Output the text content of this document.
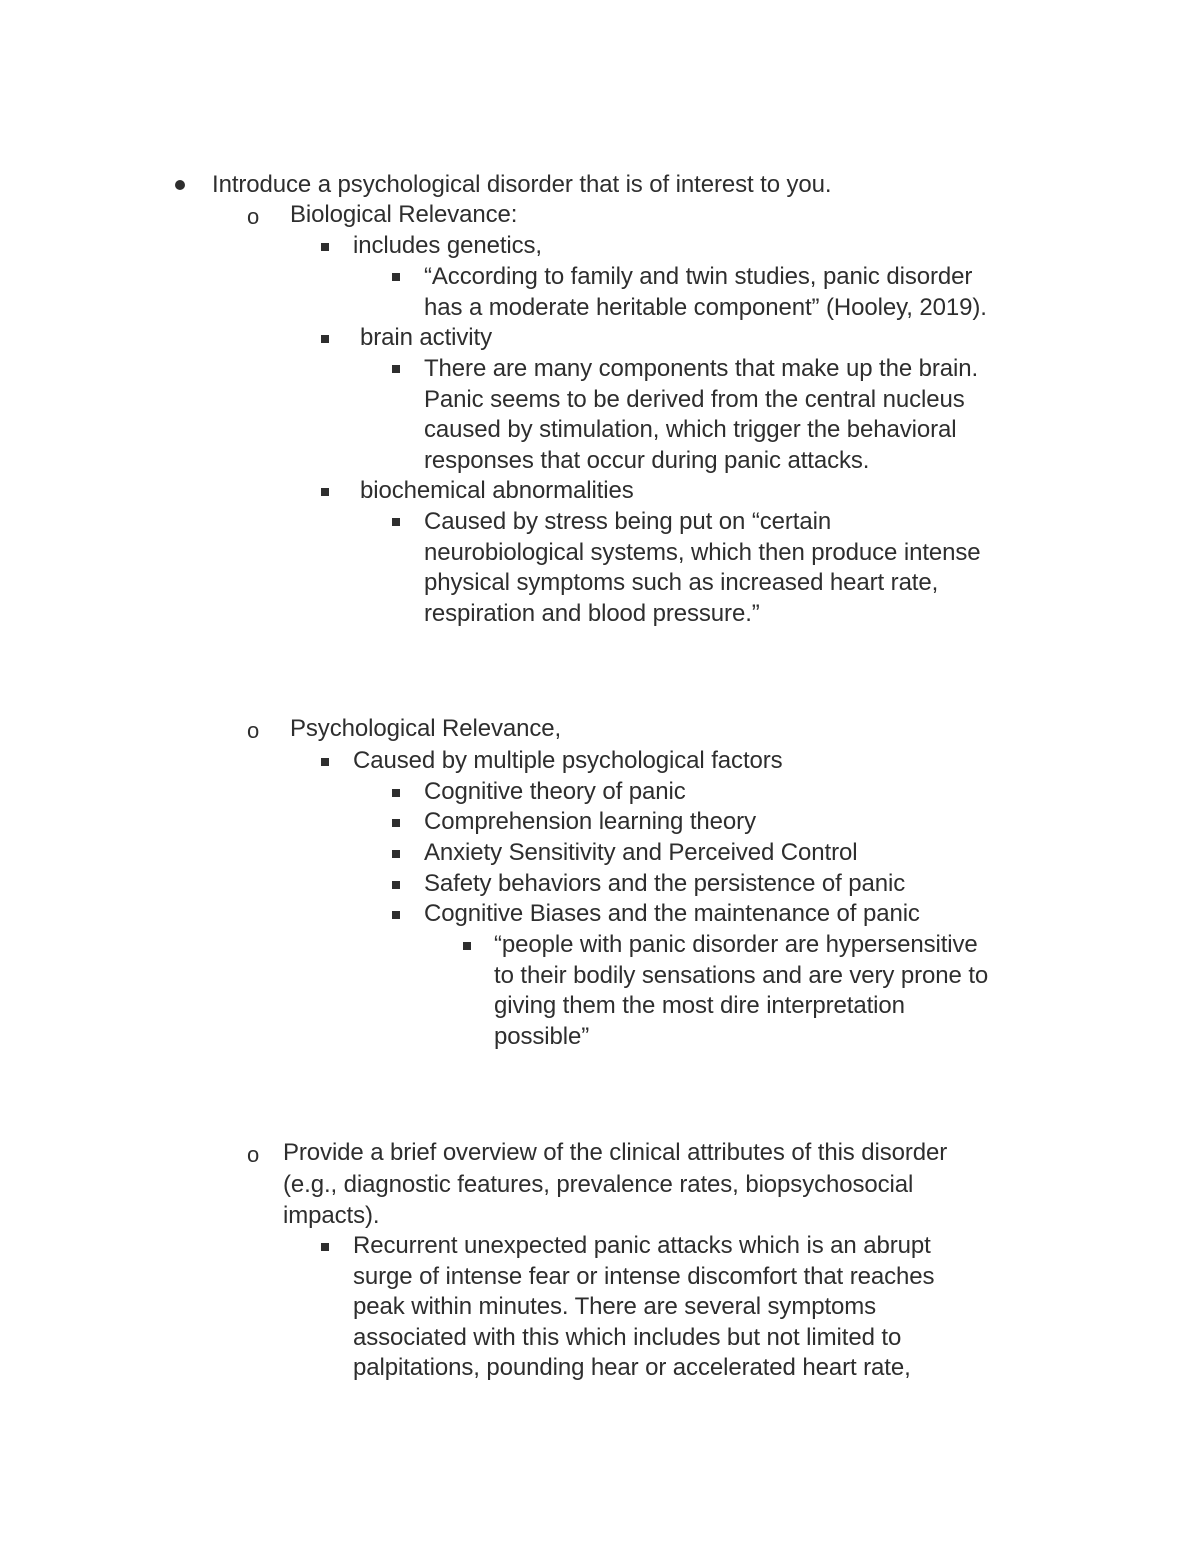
Introduce a psychological disorder that is of interest to you.
o Biological Relevance:
includes genetics,
“According to family and twin studies, panic disorder
has a moderate heritable component” (Hooley, 2019).
brain activity
There are many components that make up the brain.
Panic seems to be derived from the central nucleus
caused by stimulation, which trigger the behavioral
responses that occur during panic attacks.
biochemical abnormalities
Caused by stress being put on “certain
neurobiological systems, which then produce intense
physical symptoms such as increased heart rate,
respiration and blood pressure.”
o Psychological Relevance,
Caused by multiple psychological factors
Cognitive theory of panic
Comprehension learning theory
Anxiety Sensitivity and Perceived Control
Safety behaviors and the persistence of panic
Cognitive Biases and the maintenance of panic
“people with panic disorder are hypersensitive
to their bodily sensations and are very prone to
giving them the most dire interpretation
possible”
o Provide a brief overview of the clinical attributes of this disorder
(e.g., diagnostic features, prevalence rates, biopsychosocial
impacts).
Recurrent unexpected panic attacks which is an abrupt
surge of intense fear or intense discomfort that reaches
peak within minutes. There are several symptoms
associated with this which includes but not limited to
palpitations, pounding hear or accelerated heart rate,
